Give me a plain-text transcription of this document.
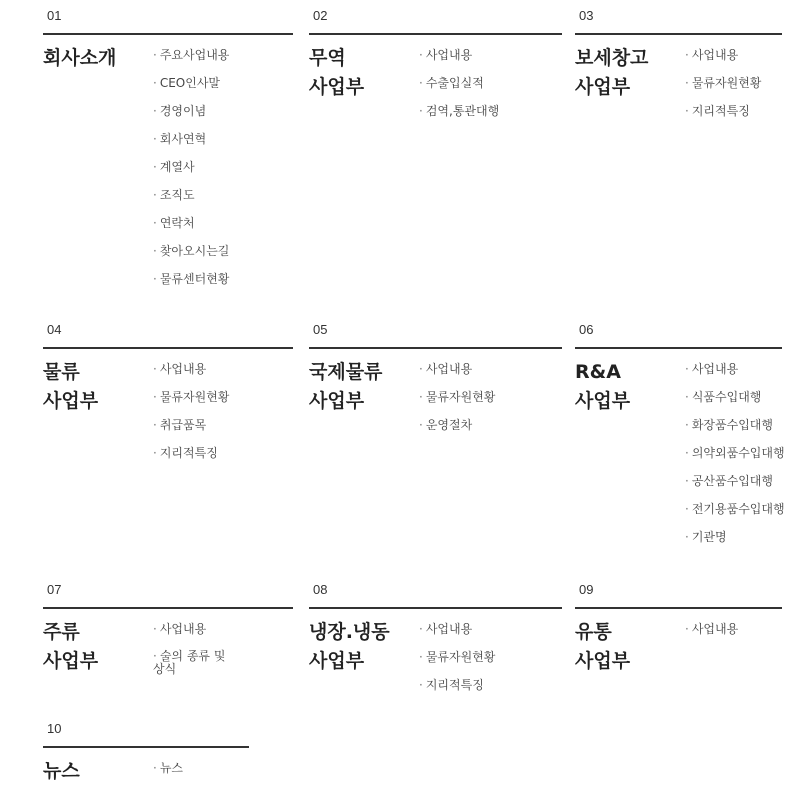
01
회사소개	· 주요사업내용
· CEO인사말
· 경영이념
· 회사연혁
· 계열사
· 조직도
· 연락처
· 찾아오시는길
· 물류센터현황
02
무역
사업부
· 사업내용
· 수출입실적
· 검역,통관대행
03
보세창고
사업부
· 사업내용
· 물류자원현황
· 지리적특징
04
물류
사업부
· 사업내용
· 물류자원현황
· 취급품목
· 지리적특징
05
국제물류
사업부
· 사업내용
· 물류자원현황
· 운영절차
06
R&A
사업부
· 사업내용
· 식품수입대행
· 화장품수입대행
· 의약외품수입대행
· 공산품수입대행
· 전기용품수입대행
· 기관명
07
주류
사업부
· 사업내용
· 술의 종류 및 상식
08
냉장.냉동
사업부
· 사업내용
· 물류자원현황
· 지리적특징
09
유통
사업부
· 사업내용
10
뉴스	· 뉴스
